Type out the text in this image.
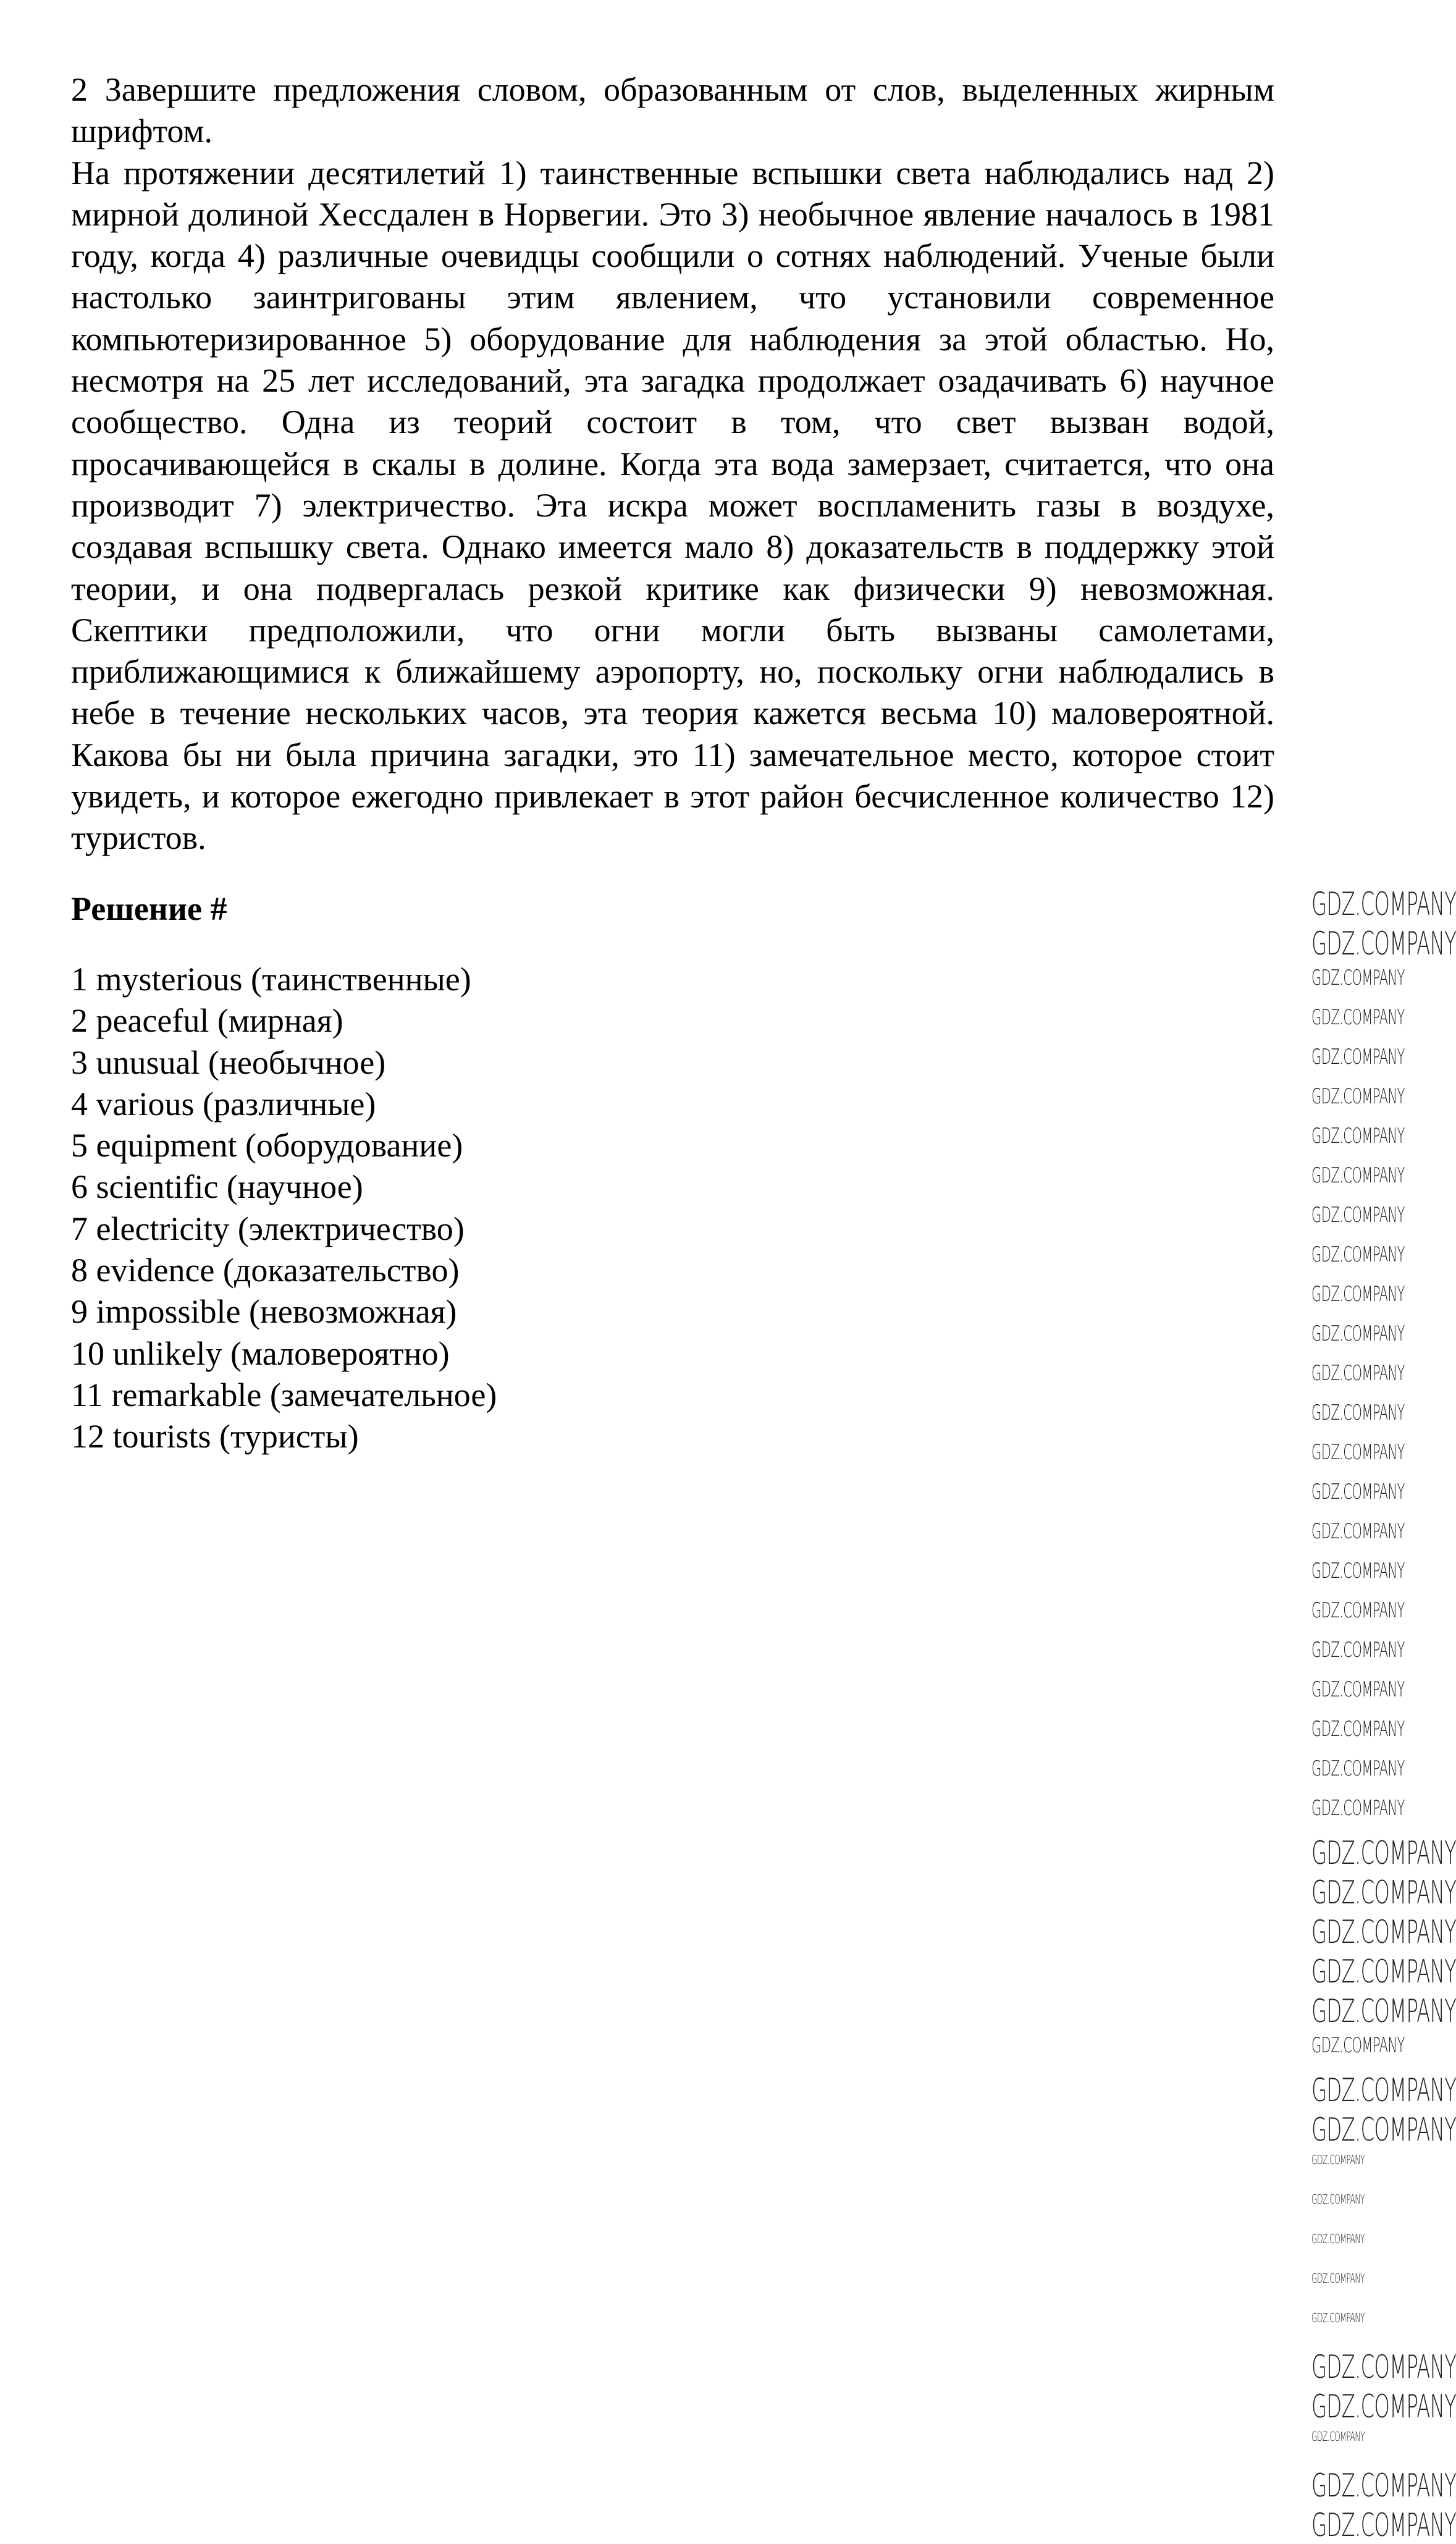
2 Завершите предложения словом, образованным от слов, выделенных жирным шрифтом.

На протяжении десятилетий 1) таинственные вспышки света наблюдались над 2) мирной долиной Хессдален в Норвегии. Это 3) необычное явление началось в 1981 году, когда 4) различные очевидцы сообщили о сотнях наблюдений. Ученые были настолько заинтригованы этим явлением, что установили современное компьютеризированное 5) оборудование для наблюдения за этой областью. Но, несмотря на 25 лет исследований, эта загадка продолжает озадачивать 6) научное сообщество. Одна из теорий состоит в том, что свет вызван водой, просачивающейся в скалы в долине. Когда эта вода замерзает, считается, что она производит 7) электричество. Эта искра может воспламенить газы в воздухе, создавая вспышку света. Однако имеется мало 8) доказательств в поддержку этой теории, и она подвергалась резкой критике как физически 9) невозможная. Скептики предположили, что огни могли быть вызваны самолетами, приближающимися к ближайшему аэропорту, но, поскольку огни наблюдались в небе в течение нескольких часов, эта теория кажется весьма 10) маловероятной. Какова бы ни была причина загадки, это 11) замечательное место, которое стоит увидеть, и которое ежегодно привлекает в этот район бесчисленное количество 12) туристов.

Решение #
1 mysterious (таинственные)
2 peaceful (мирная)
3 unusual (необычное)
4 various (различные)
5 equipment (оборудование)
6 scientific (научное)
7 electricity (электричество)
8 evidence (доказательство)
9 impossible (невозможная)
10 unlikely (маловероятно)
11 remarkable (замечательное)
12 tourists (туристы)
GDZ.COMPANY
GDZ.COMPANY
GDZ.COMPANY
GDZ.COMPANY
GDZ.COMPANY
GDZ.COMPANY
GDZ.COMPANY
GDZ.COMPANY
GDZ.COMPANY
GDZ.COMPANY
GDZ.COMPANY
GDZ.COMPANY
GDZ.COMPANY
GDZ.COMPANY
GDZ.COMPANY
GDZ.COMPANY
GDZ.COMPANY
GDZ.COMPANY
GDZ.COMPANY
GDZ.COMPANY
GDZ.COMPANY
GDZ.COMPANY
GDZ.COMPANY
GDZ.COMPANY
GDZ.COMPANY
GDZ.COMPANY
GDZ.COMPANY
GDZ.COMPANY
GDZ.COMPANY
GDZ.COMPANY
GDZ.COMPANY
GDZ.COMPANY
GDZ.COMPANY
GDZ.COMPANY
GDZ.COMPANY
GDZ.COMPANY
GDZ.COMPANY
GDZ.COMPANY
GDZ.COMPANY
GDZ.COMPANY
GDZ.COMPANY
GDZ.COMPANY
